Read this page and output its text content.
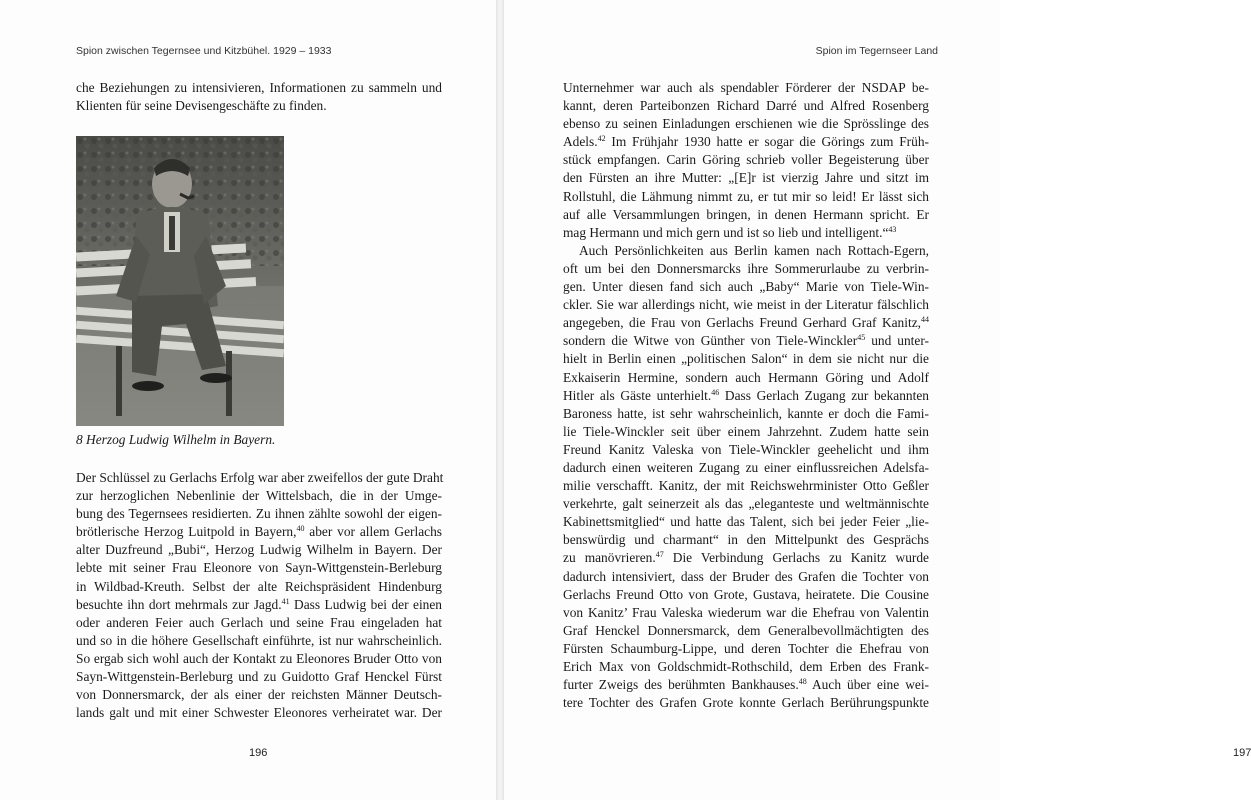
Spion zwischen Tegernsee und Kitzbühel. 1929 – 1933
che Beziehungen zu intensivieren, Informationen zu sammeln und
Klienten für seine Devisengeschäfte zu finden.
8 Herzog Ludwig Wilhelm in Bayern.
Der Schlüssel zu Gerlachs Erfolg war aber zweifellos der gute Draht
zur herzoglichen Nebenlinie der Wittelsbach, die in der Umge-
bung des Tegernsees residierten. Zu ihnen zählte sowohl der eigen-
brötlerische Herzog Luitpold in Bayern,$^{40}$ aber vor allem Gerlachs
alter Duzfreund „Bubi“, Herzog Ludwig Wilhelm in Bayern. Der
lebte mit seiner Frau Eleonore von Sayn-Wittgenstein-Berleburg
in Wildbad-Kreuth. Selbst der alte Reichspräsident Hindenburg
besuchte ihn dort mehrmals zur Jagd.$^{41}$ Dass Ludwig bei der einen
oder anderen Feier auch Gerlach und seine Frau eingeladen hat
und so in die höhere Gesellschaft einführte, ist nur wahrscheinlich.
So ergab sich wohl auch der Kontakt zu Eleonores Bruder Otto von
Sayn-Wittgenstein-Berleburg und zu Guidotto Graf Henckel Fürst
von Donnersmarck, der als einer der reichsten Männer Deutsch-
lands galt und mit einer Schwester Eleonores verheiratet war. Der
196
Spion im Tegernseer Land
Unternehmer war auch als spendabler Förderer der NSDAP be-
kannt, deren Parteibonzen Richard Darré und Alfred Rosenberg
ebenso zu seinen Einladungen erschienen wie die Sprösslinge des
Adels.$^{42}$ Im Frühjahr 1930 hatte er sogar die Görings zum Früh-
stück empfangen. Carin Göring schrieb voller Begeisterung über
den Fürsten an ihre Mutter: „[E]r ist vierzig Jahre und sitzt im
Rollstuhl, die Lähmung nimmt zu, er tut mir so leid! Er lässt sich
auf alle Versammlungen bringen, in denen Hermann spricht. Er
mag Hermann und mich gern und ist so lieb und intelligent.“$^{43}$
Auch Persönlichkeiten aus Berlin kamen nach Rottach-Egern,
oft um bei den Donnersmarcks ihre Sommerurlaube zu verbrin-
gen. Unter diesen fand sich auch „Baby“ Marie von Tiele-Win-
ckler. Sie war allerdings nicht, wie meist in der Literatur fälschlich
angegeben, die Frau von Gerlachs Freund Gerhard Graf Kanitz,$^{44}$
sondern die Witwe von Günther von Tiele-Winckler$^{45}$ und unter-
hielt in Berlin einen „politischen Salon“ in dem sie nicht nur die
Exkaiserin Hermine, sondern auch Hermann Göring und Adolf
Hitler als Gäste unterhielt.$^{46}$ Dass Gerlach Zugang zur bekannten
Baroness hatte, ist sehr wahrscheinlich, kannte er doch die Fami-
lie Tiele-Winckler seit über einem Jahrzehnt. Zudem hatte sein
Freund Kanitz Valeska von Tiele-Winckler geehelicht und ihm
dadurch einen weiteren Zugang zu einer einflussreichen Adelsfa-
milie verschafft. Kanitz, der mit Reichswehrminister Otto Geßler
verkehrte, galt seinerzeit als das „eleganteste und weltmännischte
Kabinettsmitglied“ und hatte das Talent, sich bei jeder Feier „lie-
benswürdig und charmant“ in den Mittelpunkt des Gesprächs
zu manövrieren.$^{47}$ Die Verbindung Gerlachs zu Kanitz wurde
dadurch intensiviert, dass der Bruder des Grafen die Tochter von
Gerlachs Freund Otto von Grote, Gustava, heiratete. Die Cousine
von Kanitz’ Frau Valeska wiederum war die Ehefrau von Valentin
Graf Henckel Donnersmarck, dem Generalbevollmächtigten des
Fürsten Schaumburg-Lippe, und deren Tochter die Ehefrau von
Erich Max von Goldschmidt-Rothschild, dem Erben des Frank-
furter Zweigs des berühmten Bankhauses.$^{48}$ Auch über eine wei-
tere Tochter des Grafen Grote konnte Gerlach Berührungspunkte
197
